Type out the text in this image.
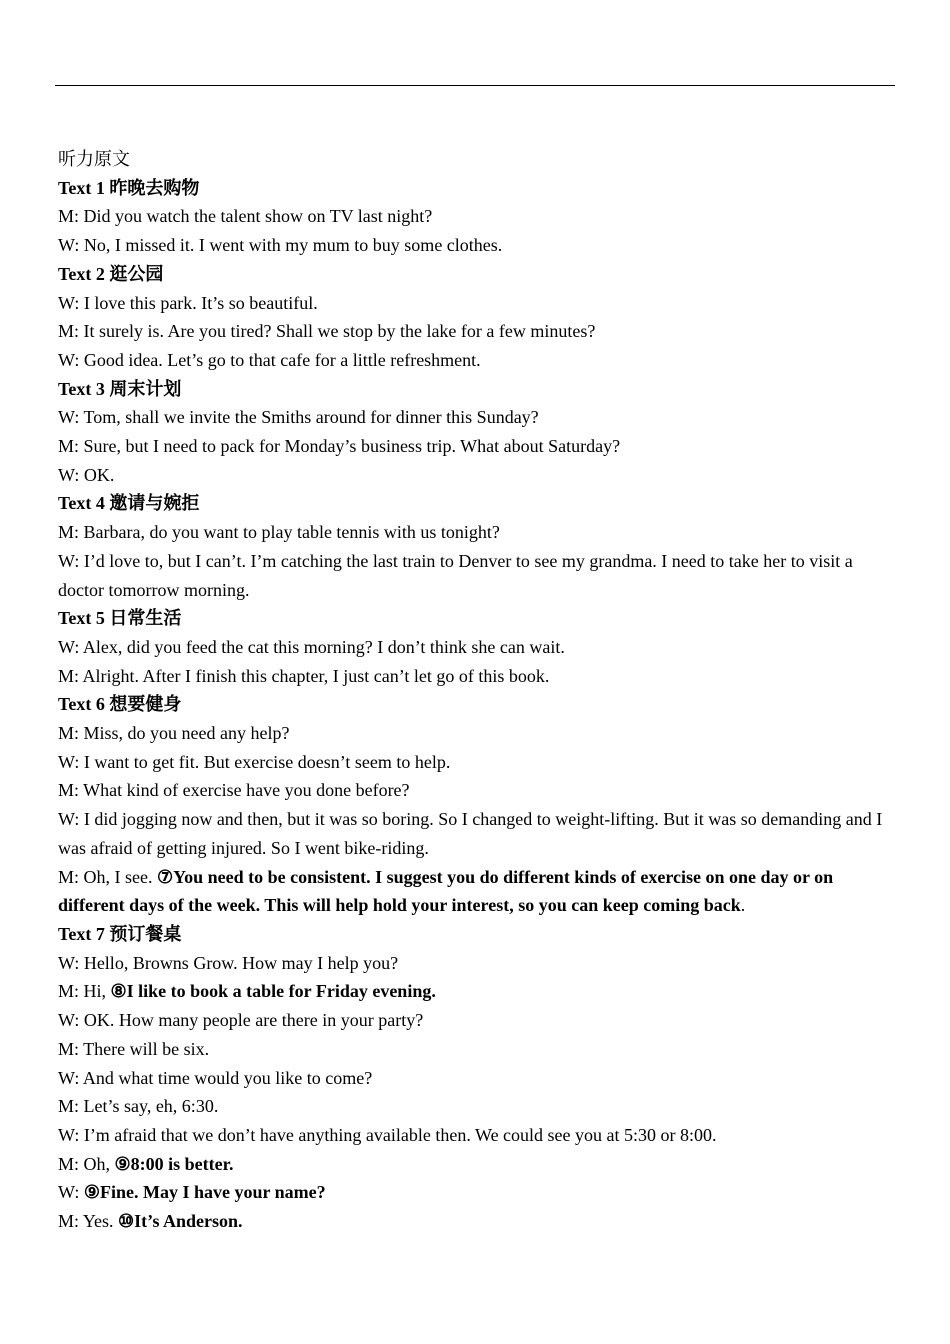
听力原文

Text 1 昨晚去购物

M: Did you watch the talent show on TV last night?

W: No, I missed it. I went with my mum to buy some clothes.

Text 2 逛公园

W: I love this park. It’s so beautiful.

M: It surely is. Are you tired? Shall we stop by the lake for a few minutes?

W: Good idea. Let’s go to that cafe for a little refreshment.

Text 3 周末计划

W: Tom, shall we invite the Smiths around for dinner this Sunday?

M: Sure, but I need to pack for Monday’s business trip. What about Saturday?

W: OK.

Text 4 邀请与婉拒

M: Barbara, do you want to play table tennis with us tonight?

W: I’d love to, but I can’t. I’m catching the last train to Denver to see my grandma. I need to take her to visit a doctor tomorrow morning.

Text 5 日常生活

W: Alex, did you feed the cat this morning? I don’t think she can wait.

M: Alright. After I finish this chapter, I just can’t let go of this book.

Text 6 想要健身

M: Miss, do you need any help?

W: I want to get fit. But exercise doesn’t seem to help.

M: What kind of exercise have you done before?

W: I did jogging now and then, but it was so boring. So I changed to weight-lifting. But it was so demanding and I was afraid of getting injured. So I went bike-riding.

M: Oh, I see. ⑦You need to be consistent. I suggest you do different kinds of exercise on one day or on different days of the week. This will help hold your interest, so you can keep coming back.

Text 7 预订餐桌

W: Hello, Browns Grow. How may I help you?

M: Hi, ⑧I like to book a table for Friday evening.

W: OK. How many people are there in your party?

M: There will be six.

W: And what time would you like to come?

M: Let’s say, eh, 6:30.

W: I’m afraid that we don’t have anything available then. We could see you at 5:30 or 8:00.

M: Oh, ⑨8:00 is better.

W: ⑨Fine. May I have your name?

M: Yes. ⑩It’s Anderson.
